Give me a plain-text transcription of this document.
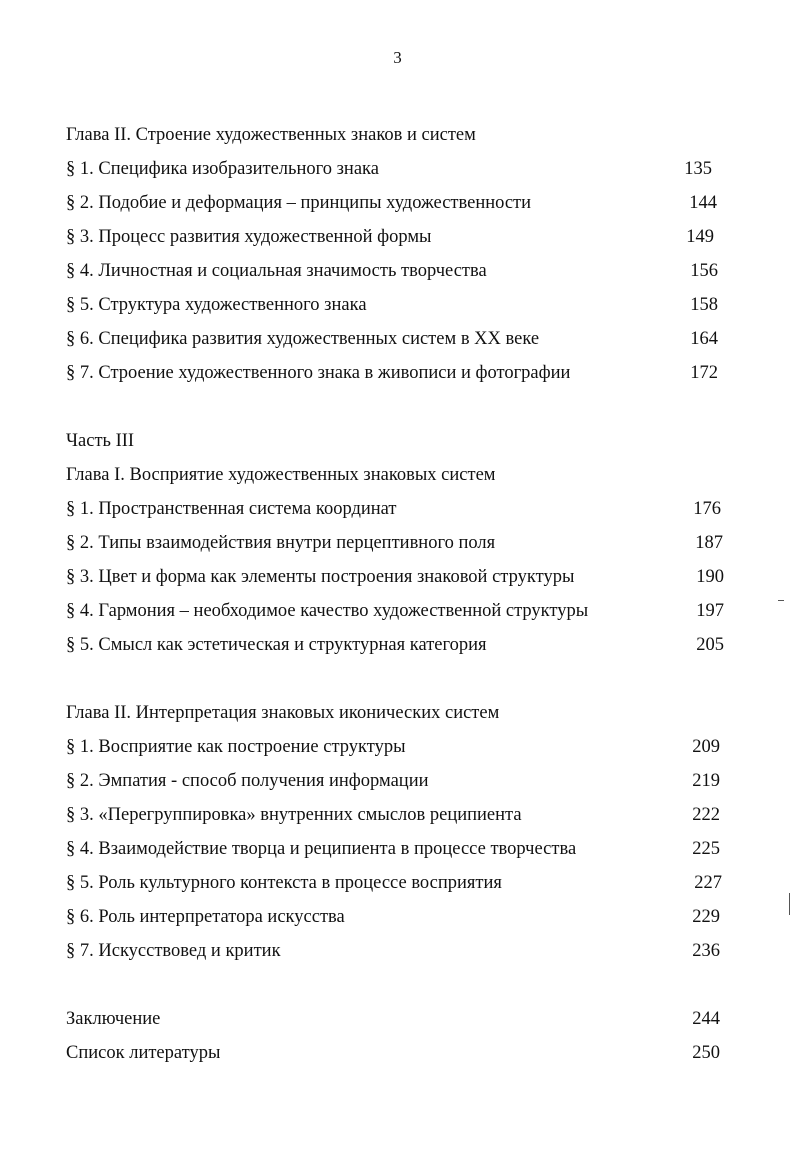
3
Глава II. Строение художественных знаков и систем
§ 1. Специфика изобразительного знака	135
§ 2. Подобие и деформация – принципы художественности	144
§ 3. Процесс развития художественной формы	149
§ 4. Личностная и социальная значимость творчества	156
§ 5. Структура художественного знака	158
§ 6. Специфика развития художественных систем в XX веке	164
§ 7. Строение художественного знака в живописи и фотографии	172
Часть III
Глава I. Восприятие художественных знаковых систем
§ 1. Пространственная система координат	176
§ 2. Типы взаимодействия внутри перцептивного поля	187
§ 3. Цвет и форма как элементы построения знаковой структуры	190
§ 4. Гармония – необходимое качество художественной структуры	197
§ 5. Смысл как эстетическая и структурная категория	205
Глава II. Интерпретация знаковых иконических систем
§ 1. Восприятие как построение структуры	209
§ 2. Эмпатия - способ получения информации	219
§ 3. «Перегруппировка» внутренних смыслов реципиента	222
§ 4. Взаимодействие творца и реципиента в процессе творчества	225
§ 5. Роль культурного контекста в процессе восприятия	227
§ 6. Роль интерпретатора искусства	229
§ 7. Искусствовед и критик	236
Заключение	244
Список литературы	250
